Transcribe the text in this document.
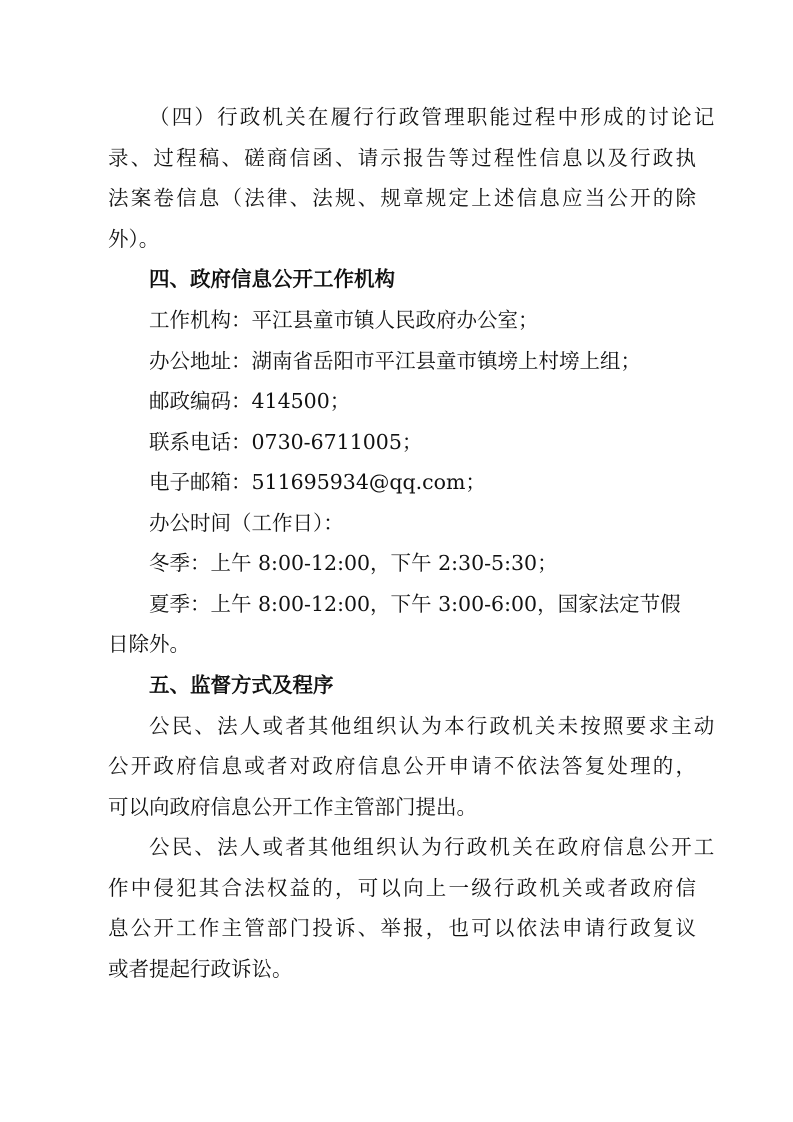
（四）行政机关在履行行政管理职能过程中形成的讨论记

录、过程稿、磋商信函、请示报告等过程性信息以及行政执

法案卷信息（法律、法规、规章规定上述信息应当公开的除

外）。

四、政府信息公开工作机构

工作机构：平江县童市镇人民政府办公室；

办公地址：湖南省岳阳市平江县童市镇塝上村塝上组；

邮政编码：414500；

联系电话：0730-6711005；

电子邮箱：511695934@qq.com；

办公时间（工作日）：

冬季：上午 8:00-12:00，下午 2:30-5:30；

夏季：上午 8:00-12:00，下午 3:00-6:00，国家法定节假

日除外。

五、监督方式及程序

公民、法人或者其他组织认为本行政机关未按照要求主动

公开政府信息或者对政府信息公开申请不依法答复处理的，

可以向政府信息公开工作主管部门提出。

公民、法人或者其他组织认为行政机关在政府信息公开工

作中侵犯其合法权益的，可以向上一级行政机关或者政府信

息公开工作主管部门投诉、举报，也可以依法申请行政复议

或者提起行政诉讼。
